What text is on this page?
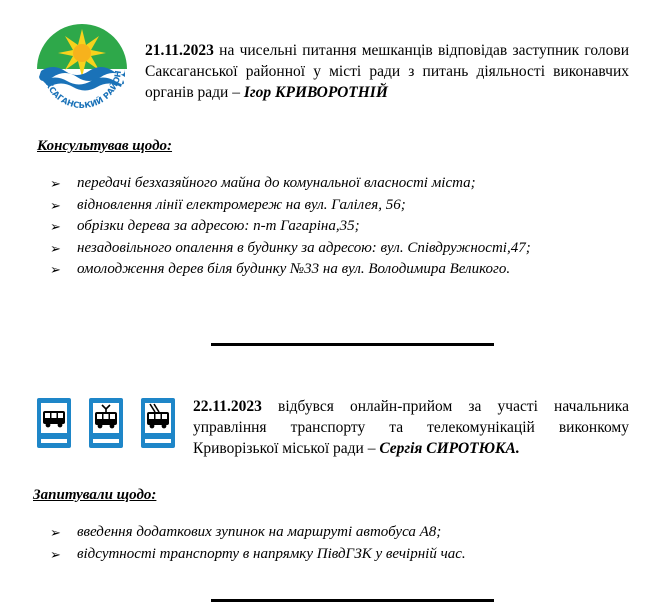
САКСАГАНСЬКИЙ РАЙОН
21.11.2023 на чисельні питання мешканців відповідав заступник голови Саксаганської районної у місті ради з питань діяльності виконавчих органів ради – Ігор КРИВОРОТНІЙ
Консультував щодо:
➢ передачі безхазяйного майна до комунальної власності міста;
➢ відновлення лінії електромереж на вул. Галілея, 56;
➢ обрізки дерева за адресою: п-т Гагаріна,35;
➢ незадовільного опалення в будинку за адресою: вул. Співдружності,47;
➢ омолодження дерев біля будинку №33 на вул. Володимира Великого.
22.11.2023 відбувся онлайн-прийом за участі начальника управління транспорту та телекомунікацій виконкому Криворізької міської ради – Сергія СИРОТЮКА.
Запитували щодо:
➢ введення додаткових зупинок на маршруті автобуса А8;
➢ відсутності транспорту в напрямку ПівдГЗК у вечірній час.
